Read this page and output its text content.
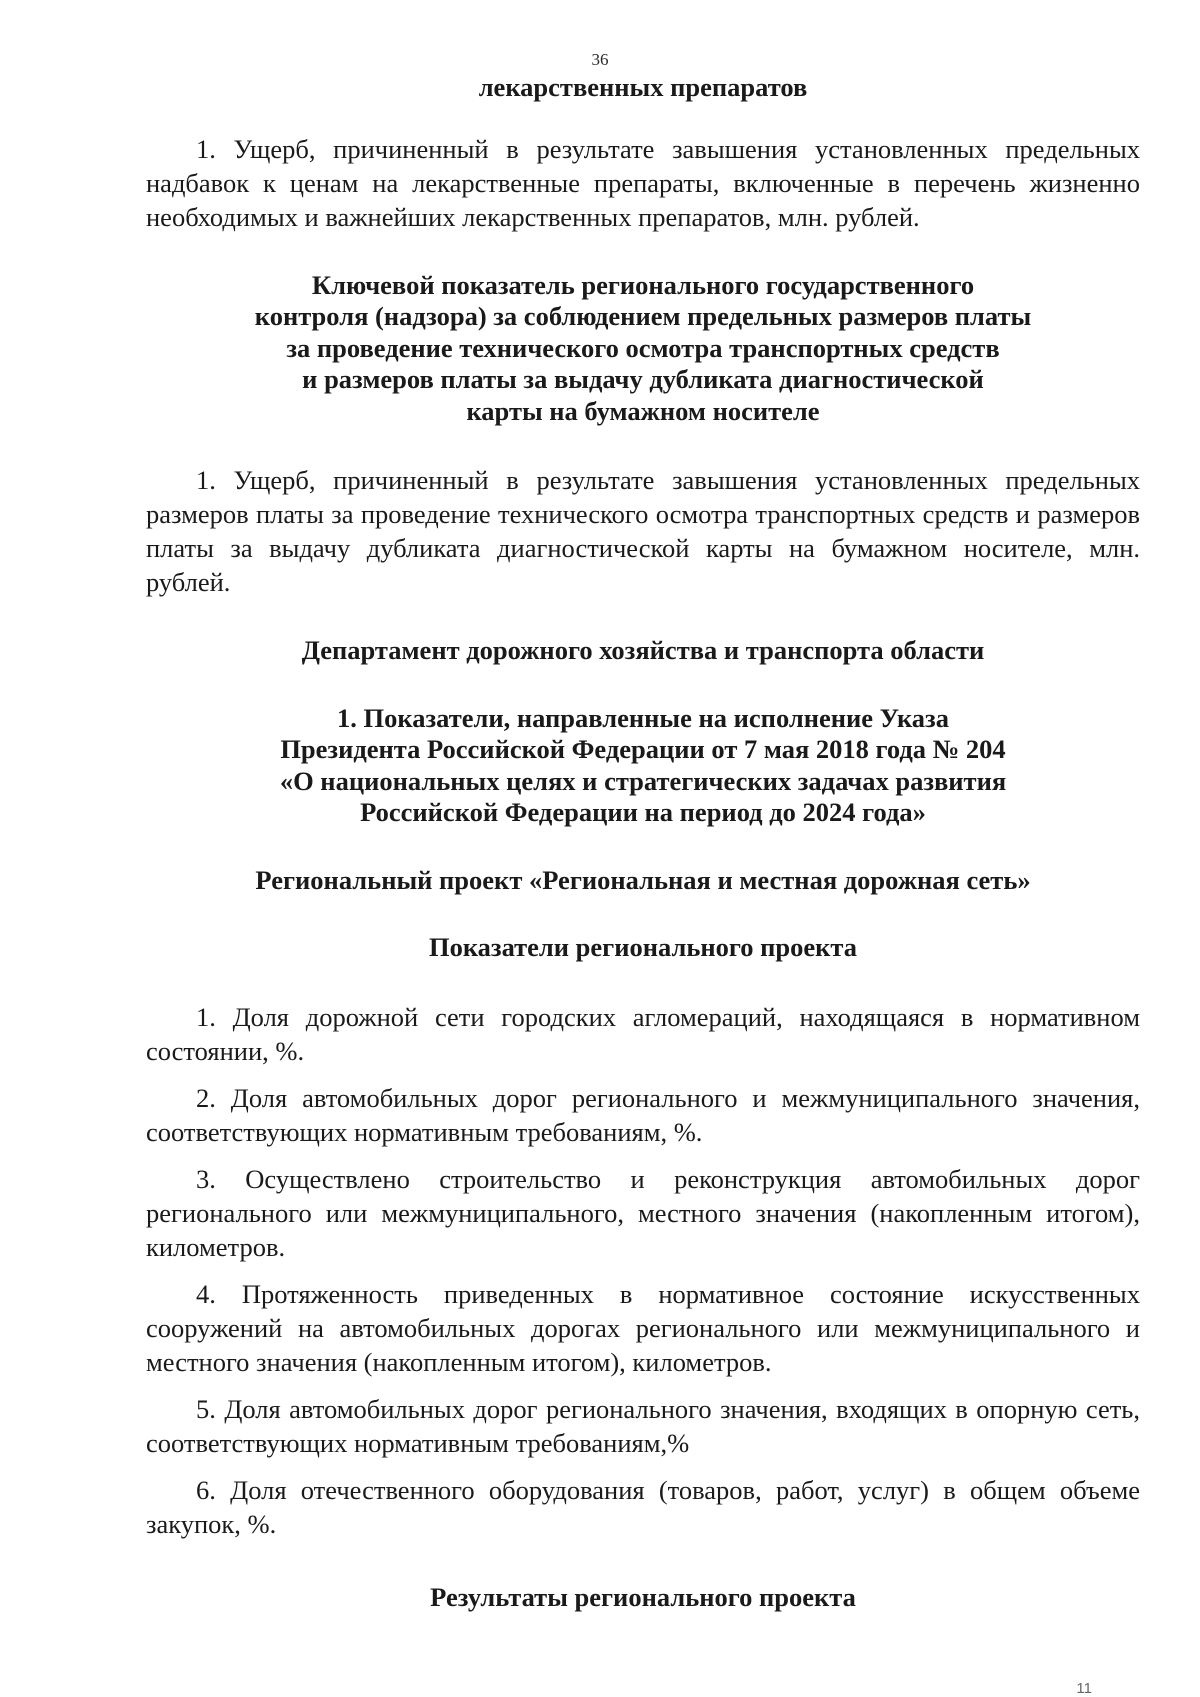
36

лекарственных препаратов

1. Ущерб, причиненный в результате завышения установленных предельных надбавок к ценам на лекарственные препараты, включенные в перечень жизненно необходимых и важнейших лекарственных препаратов, млн. рублей.

Ключевой показатель регионального государственного

контроля (надзора) за соблюдением предельных размеров платы

за проведение технического осмотра транспортных средств

и размеров платы за выдачу дубликата диагностической

карты на бумажном носителе

1. Ущерб, причиненный в результате завышения установленных предельных размеров платы за проведение технического осмотра транспортных средств и размеров платы за выдачу дубликата диагностической карты на бумажном носителе, млн. рублей.

Департамент дорожного хозяйства и транспорта области

1. Показатели, направленные на исполнение Указа

Президента Российской Федерации от 7 мая 2018 года № 204

«О национальных целях и стратегических задачах развития

Российской Федерации на период до 2024 года»

Региональный проект «Региональная и местная дорожная сеть»

Показатели регионального проекта

1. Доля дорожной сети городских агломераций, находящаяся в нормативном состоянии, %.

2. Доля автомобильных дорог регионального и межмуниципального значения, соответствующих нормативным требованиям, %.

3. Осуществлено строительство и реконструкция автомобильных дорог регионального или межмуниципального, местного значения (накопленным итогом), километров.

4. Протяженность приведенных в нормативное состояние искусственных сооружений на автомобильных дорогах регионального или межмуниципального и местного значения (накопленным итогом), километров.

5. Доля автомобильных дорог регионального значения, входящих в опорную сеть, соответствующих нормативным требованиям,%

6. Доля отечественного оборудования (товаров, работ, услуг) в общем объеме закупок, %.

Результаты регионального проекта

11
